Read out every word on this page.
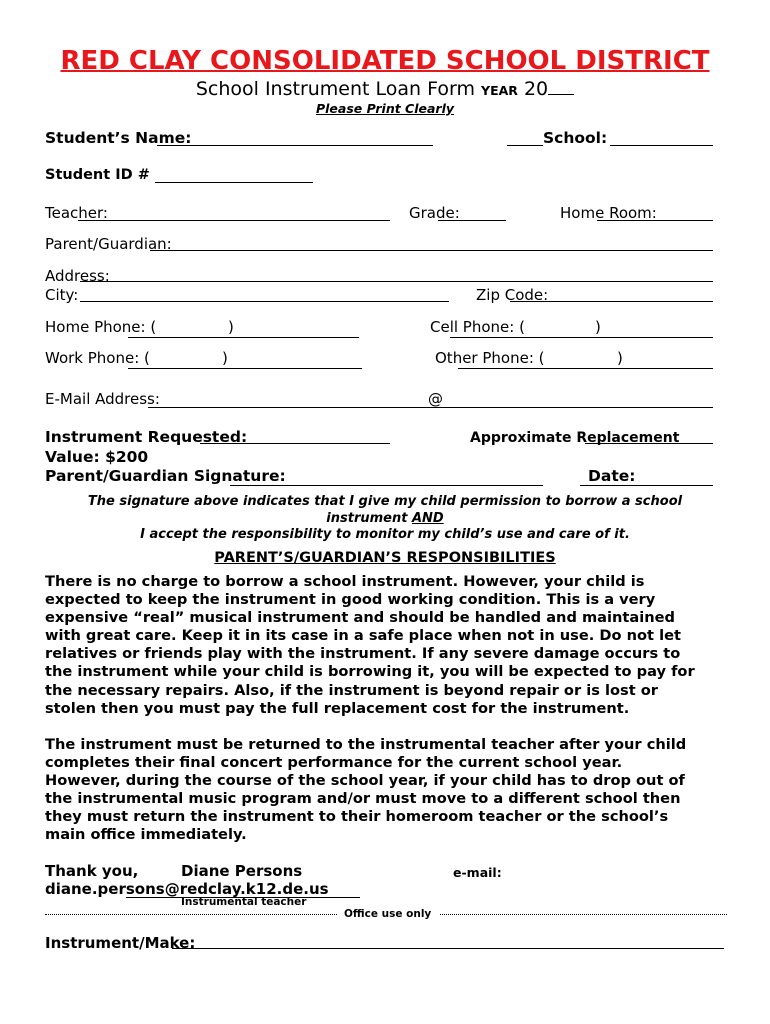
RED CLAY CONSOLIDATED SCHOOL DISTRICT
School Instrument Loan Form YEAR 20
Please Print Clearly
Student’s Name:	School:
Student ID #
Teacher:	Grade:	Home Room:
Parent/Guardian:
Address:
City:	Zip Code:
Home Phone: (	)	Cell Phone: (	)
Work Phone: (	)	Other Phone: (	)
E-Mail Address:	@
Instrument Requested:	Approximate Replacement
Value: $200
Parent/Guardian Signature:	Date:
The signature above indicates that I give my child permission to borrow a school
instrument AND
I accept the responsibility to monitor my child’s use and care of it.
PARENT’S/GUARDIAN’S RESPONSIBILITIES
There is no charge to borrow a school instrument. However, your child is
expected to keep the instrument in good working condition. This is a very
expensive “real” musical instrument and should be handled and maintained
with great care. Keep it in its case in a safe place when not in use. Do not let
relatives or friends play with the instrument. If any severe damage occurs to
the instrument while your child is borrowing it, you will be expected to pay for
the necessary repairs. Also, if the instrument is beyond repair or is lost or
stolen then you must pay the full replacement cost for the instrument.
The instrument must be returned to the instrumental teacher after your child
completes their final concert performance for the current school year.
However, during the course of the school year, if your child has to drop out of
the instrumental music program and/or must move to a different school then
they must return the instrument to their homeroom teacher or the school’s
main office immediately.
Thank you,	Diane Persons	e-mail:
diane.persons@redclay.k12.de.us
Instrumental teacher
Office use only
Instrument/Make:
